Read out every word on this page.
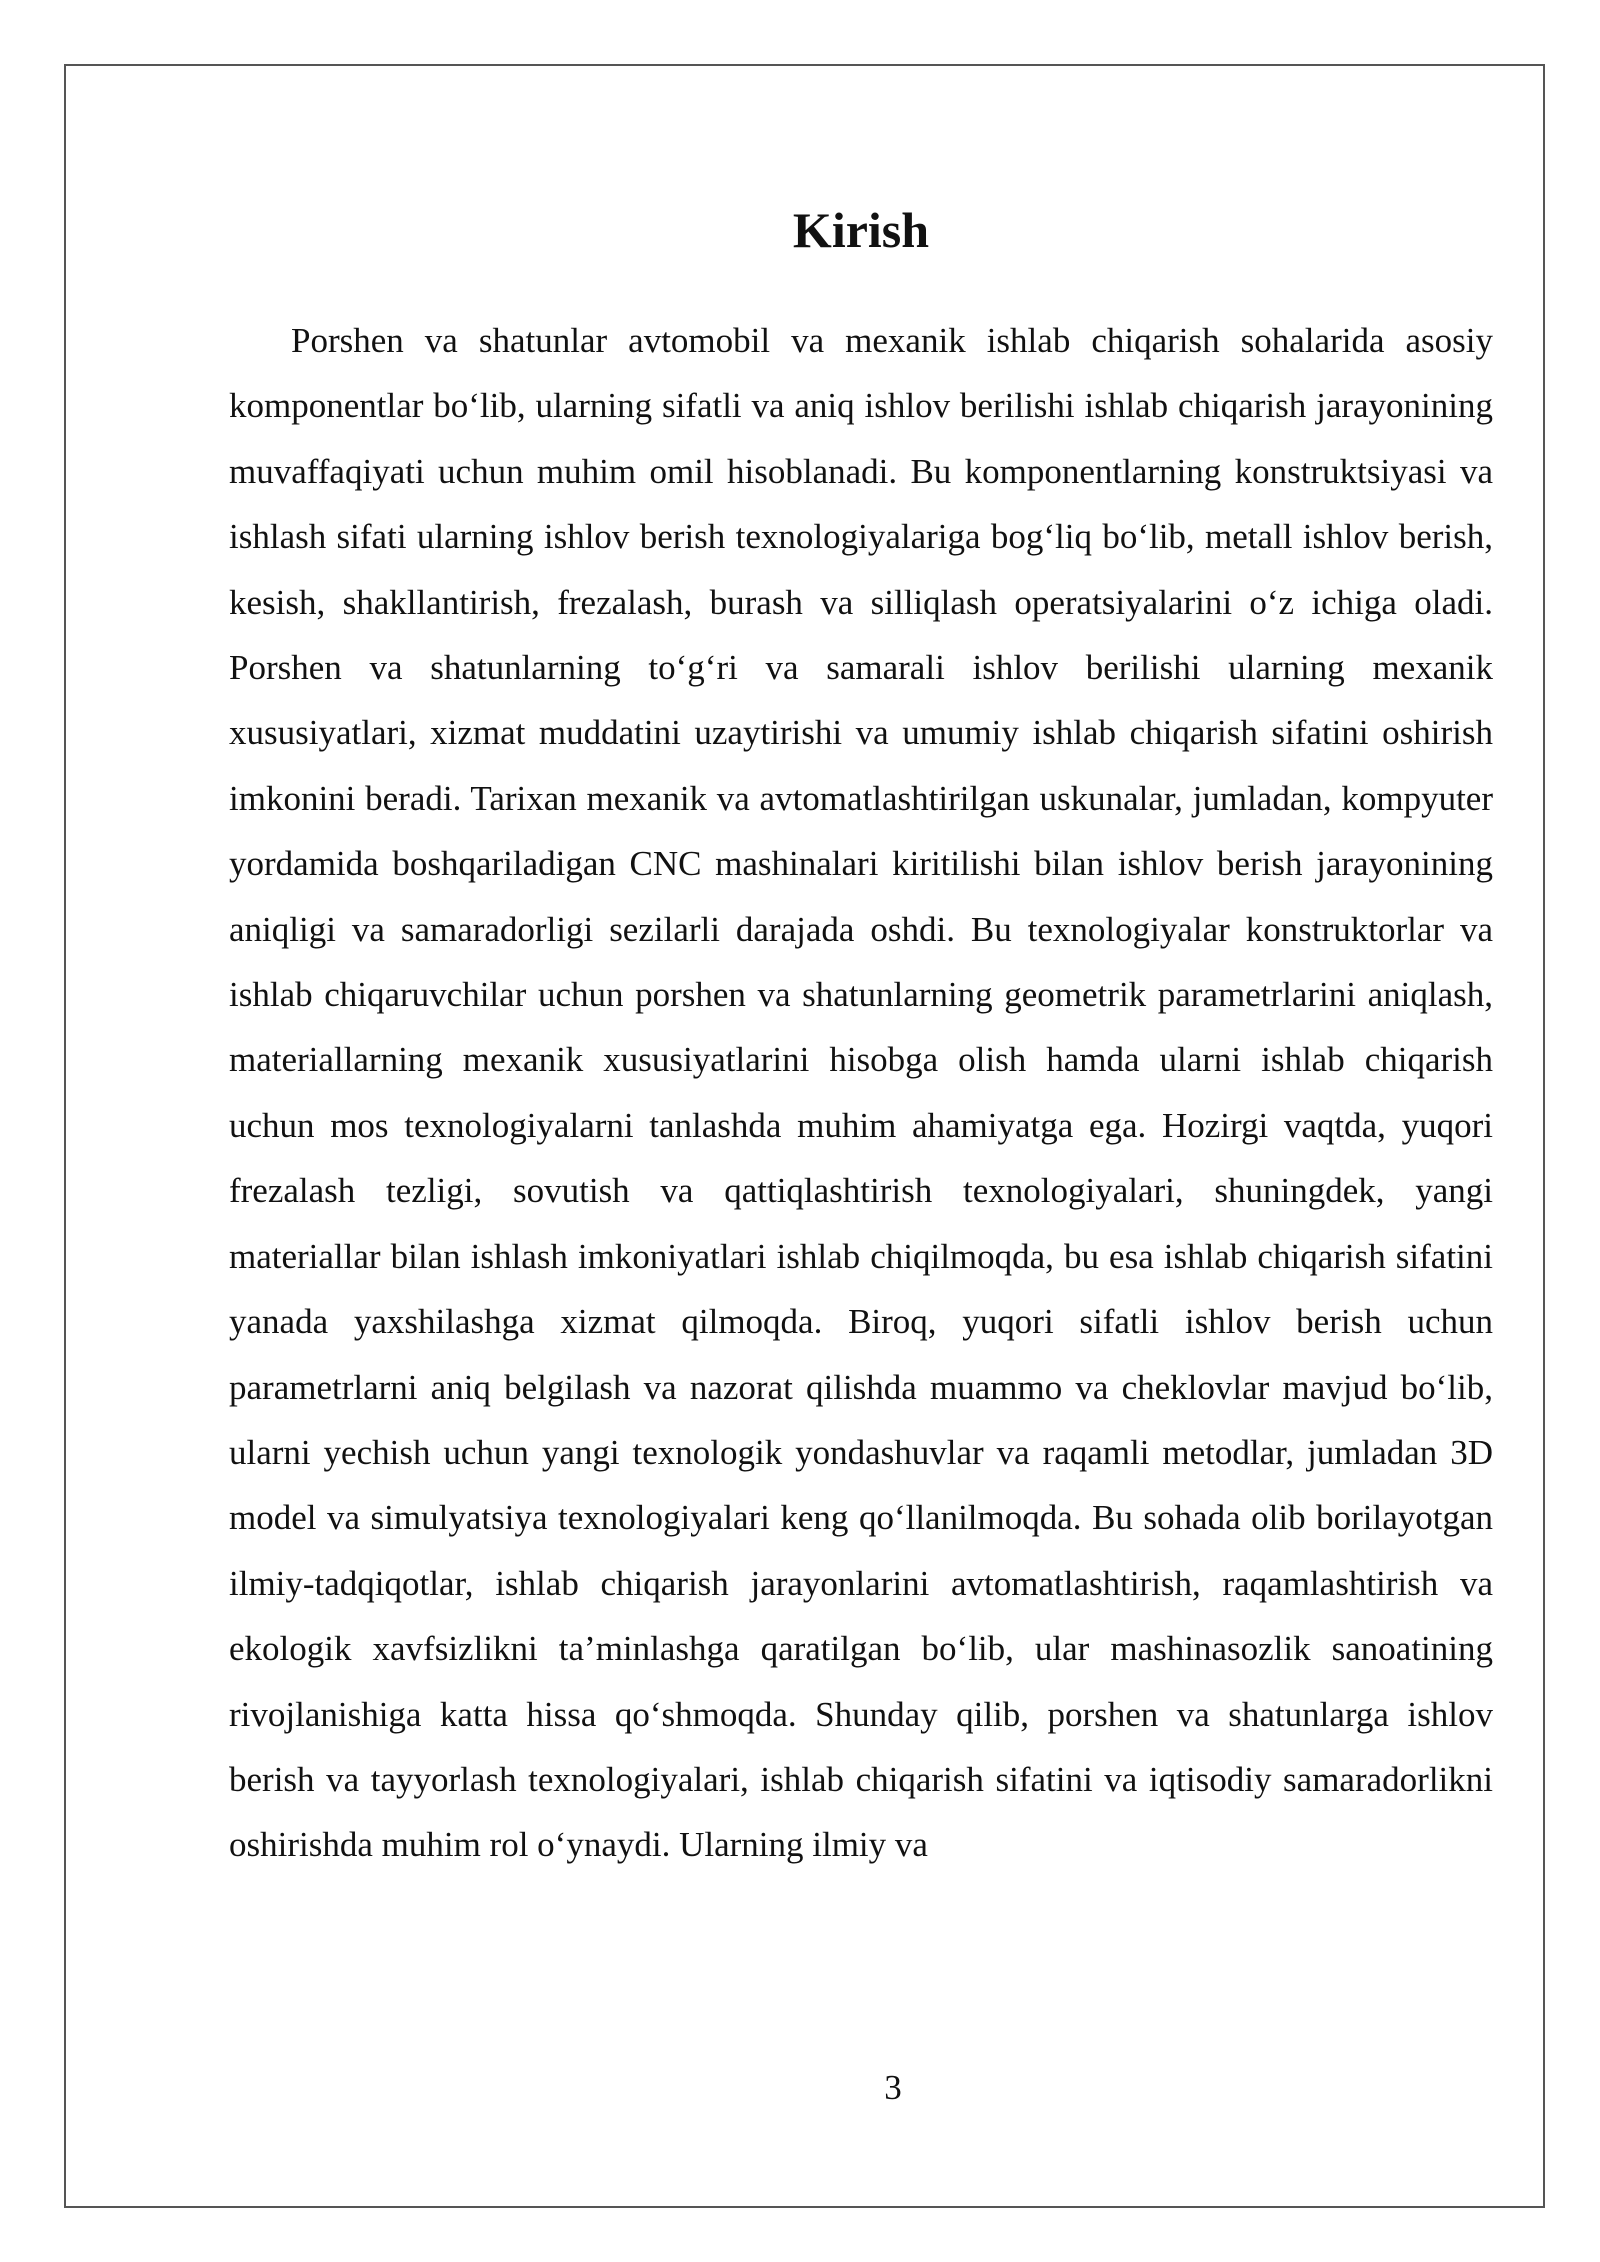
Kirish

Porshen va shatunlar avtomobil va mexanik ishlab chiqarish sohalarida asosiy komponentlar bo‘lib, ularning sifatli va aniq ishlov berilishi ishlab chiqarish jarayonining muvaffaqiyati uchun muhim omil hisoblanadi. Bu komponentlarning konstruktsiyasi va ishlash sifati ularning ishlov berish texnologiyalariga bog‘liq bo‘lib, metall ishlov berish, kesish, shakllantirish, frezalash, burash va silliqlash operatsiyalarini o‘z ichiga oladi. Porshen va shatunlarning to‘g‘ri va samarali ishlov berilishi ularning mexanik xususiyatlari, xizmat muddatini uzaytirishi va umumiy ishlab chiqarish sifatini oshirish imkonini beradi. Tarixan mexanik va avtomatlashtirilgan uskunalar, jumladan, kompyuter yordamida boshqariladigan CNC mashinalari kiritilishi bilan ishlov berish jarayonining aniqligi va samaradorligi sezilarli darajada oshdi. Bu texnologiyalar konstruktorlar va ishlab chiqaruvchilar uchun porshen va shatunlarning geometrik parametrlarini aniqlash, materiallarning mexanik xususiyatlarini hisobga olish hamda ularni ishlab chiqarish uchun mos texnologiyalarni tanlashda muhim ahamiyatga ega. Hozirgi vaqtda, yuqori frezalash tezligi, sovutish va qattiqlashtirish texnologiyalari, shuningdek, yangi materiallar bilan ishlash imkoniyatlari ishlab chiqilmoqda, bu esa ishlab chiqarish sifatini yanada yaxshilashga xizmat qilmoqda. Biroq, yuqori sifatli ishlov berish uchun parametrlarni aniq belgilash va nazorat qilishda muammo va cheklovlar mavjud bo‘lib, ularni yechish uchun yangi texnologik yondashuvlar va raqamli metodlar, jumladan 3D model va simulyatsiya texnologiyalari keng qo‘llanilmoqda. Bu sohada olib borilayotgan ilmiy-tadqiqotlar, ishlab chiqarish jarayonlarini avtomatlashtirish, raqamlashtirish va ekologik xavfsizlikni ta’minlashga qaratilgan bo‘lib, ular mashinasozlik sanoatining rivojlanishiga katta hissa qo‘shmoqda. Shunday qilib, porshen va shatunlarga ishlov berish va tayyorlash texnologiyalari, ishlab chiqarish sifatini va iqtisodiy samaradorlikni oshirishda muhim rol o‘ynaydi. Ularning ilmiy va

3
